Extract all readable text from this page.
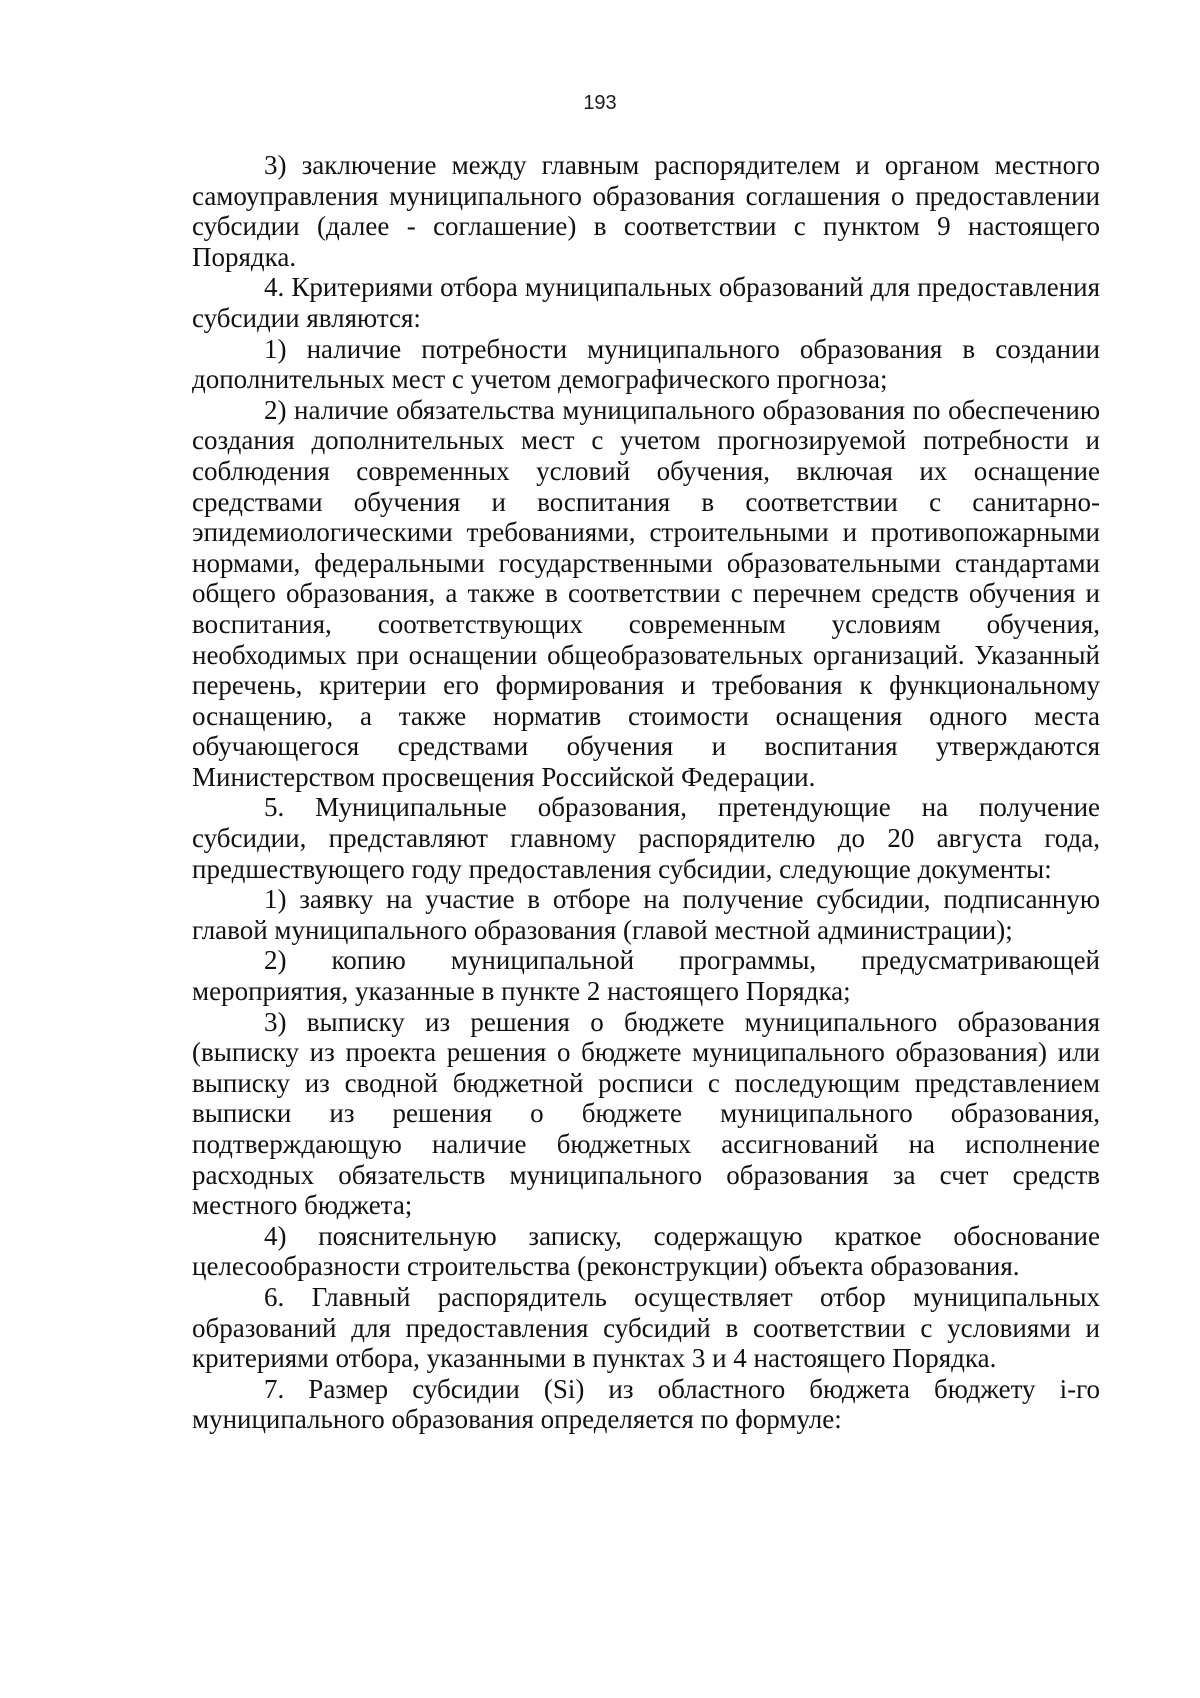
193

3) заключение между главным распорядителем и органом местного самоуправления муниципального образования соглашения о предоставлении субсидии (далее - соглашение) в соответствии с пунктом 9 настоящего Порядка.

4. Критериями отбора муниципальных образований для предоставления субсидии являются:

1) наличие потребности муниципального образования в создании дополнительных мест с учетом демографического прогноза;

2) наличие обязательства муниципального образования по обеспечению создания дополнительных мест с учетом прогнозируемой потребности и соблюдения современных условий обучения, включая их оснащение средствами обучения и воспитания в соответствии с санитарно-эпидемиологическими требованиями, строительными и противопожарными нормами, федеральными государственными образовательными стандартами общего образования, а также в соответствии с перечнем средств обучения и воспитания, соответствующих современным условиям обучения, необходимых при оснащении общеобразовательных организаций. Указанный перечень, критерии его формирования и требования к функциональному оснащению, а также норматив стоимости оснащения одного места обучающегося средствами обучения и воспитания утверждаются Министерством просвещения Российской Федерации.

5. Муниципальные образования, претендующие на получение субсидии, представляют главному распорядителю до 20 августа года, предшествующего году предоставления субсидии, следующие документы:

1) заявку на участие в отборе на получение субсидии, подписанную главой муниципального образования (главой местной администрации);

2) копию муниципальной программы, предусматривающей мероприятия, указанные в пункте 2 настоящего Порядка;

3) выписку из решения о бюджете муниципального образования (выписку из проекта решения о бюджете муниципального образования) или выписку из сводной бюджетной росписи с последующим представлением выписки из решения о бюджете муниципального образования, подтверждающую наличие бюджетных ассигнований на исполнение расходных обязательств муниципального образования за счет средств местного бюджета;

4) пояснительную записку, содержащую краткое обоснование целесообразности строительства (реконструкции) объекта образования.

6. Главный распорядитель осуществляет отбор муниципальных образований для предоставления субсидий в соответствии с условиями и критериями отбора, указанными в пунктах 3 и 4 настоящего Порядка.

7. Размер субсидии (Si) из областного бюджета бюджету i-го муниципального образования определяется по формуле:
